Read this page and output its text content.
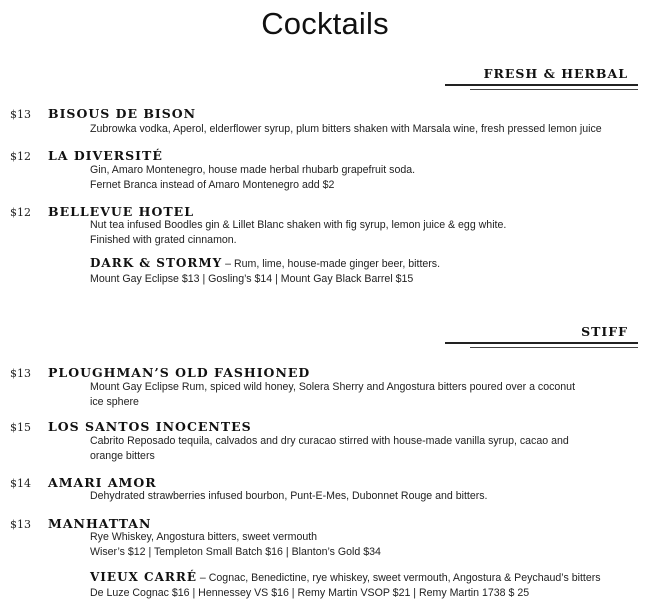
Cocktails
FRESH & HERBAL
$13 BISOUS DE BISON
Zubrowka vodka, Aperol, elderflower syrup, plum bitters shaken with Marsala wine, fresh pressed lemon juice
$12 LA DIVERSITÉ
Gin, Amaro Montenegro, house made herbal rhubarb grapefruit soda.
Fernet Branca instead of Amaro Montenegro add $2
$12 BELLEVUE HOTEL
Nut tea infused Boodles gin & Lillet Blanc shaken with fig syrup, lemon juice & egg white.
Finished with grated cinnamon.
DARK & STORMY – Rum, lime, house-made ginger beer, bitters.
Mount Gay Eclipse $13 | Gosling’s $14 | Mount Gay Black Barrel $15
STIFF
$13 PLOUGHMAN’S OLD FASHIONED
Mount Gay Eclipse Rum, spiced wild honey, Solera Sherry and Angostura bitters poured over a coconut
ice sphere
$15 LOS SANTOS INOCENTES
Cabrito Reposado tequila, calvados and dry curacao stirred with house-made vanilla syrup, cacao and
orange bitters
$14 AMARI AMOR
Dehydrated strawberries infused bourbon, Punt-E-Mes, Dubonnet Rouge and bitters.
$13 MANHATTAN
Rye Whiskey, Angostura bitters, sweet vermouth
Wiser’s $12 | Templeton Small Batch $16 | Blanton’s Gold $34
VIEUX CARRÉ – Cognac, Benedictine, rye whiskey, sweet vermouth, Angostura & Peychaud’s bitters
De Luze Cognac $16 | Hennessey VS $16 | Remy Martin VSOP $21 | Remy Martin 1738 $ 25
